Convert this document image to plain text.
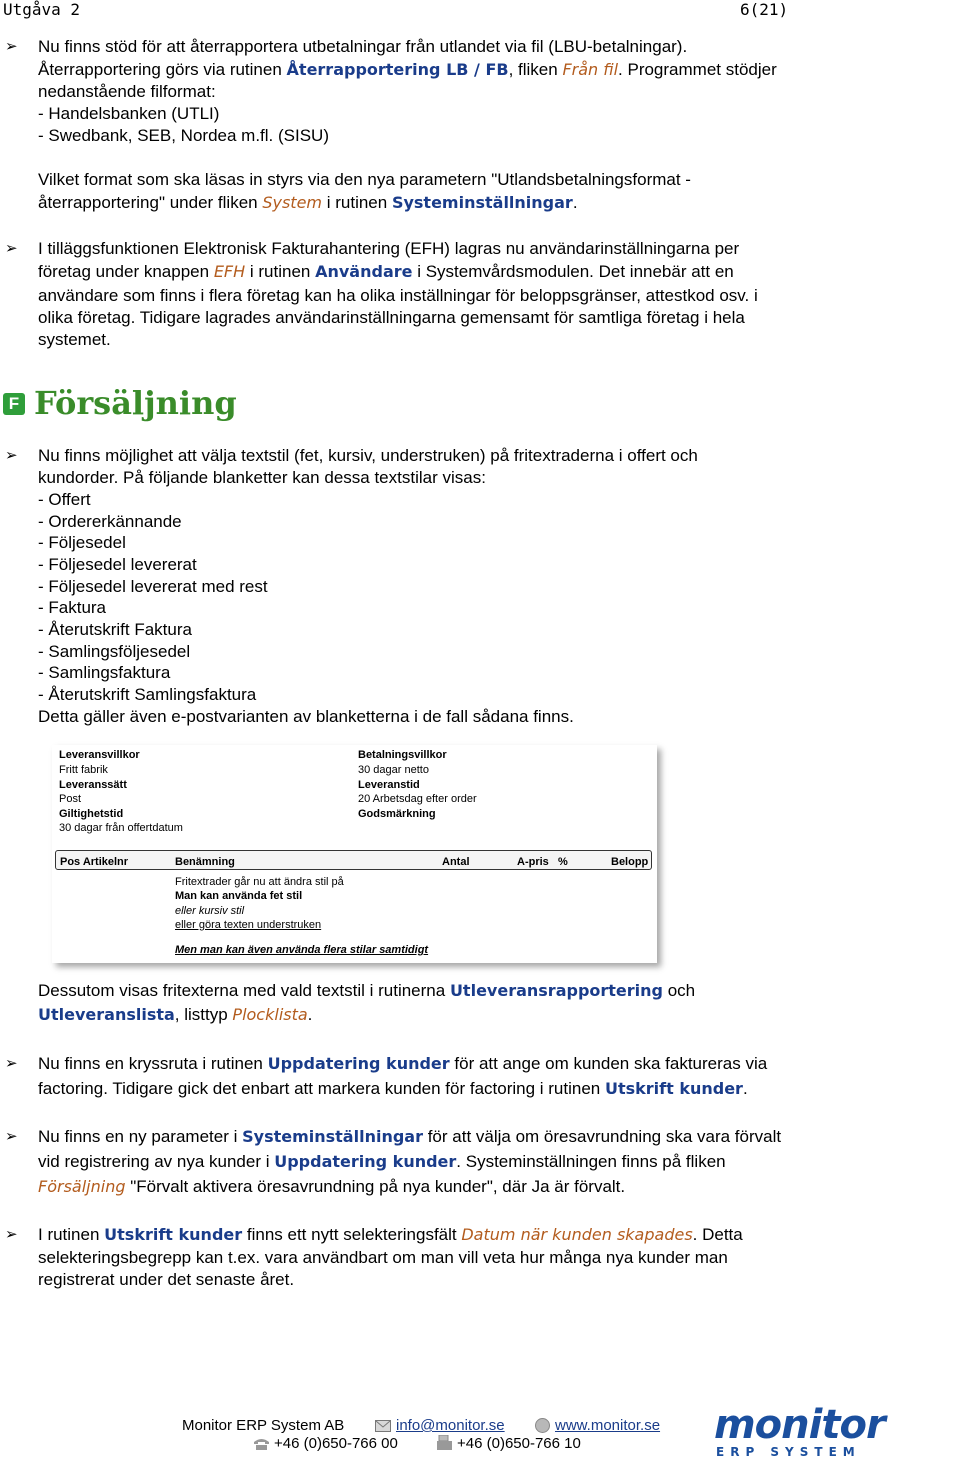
Utgåva 2	6(21)
➢ Nu finns stöd för att återrapportera utbetalningar från utlandet via fil (LBU-betalningar).
Återrapportering görs via rutinen Återrapportering LB / FB, fliken Från fil. Programmet stödjer
nedanstående filformat:
- Handelsbanken (UTLI)
- Swedbank, SEB, Nordea m.fl. (SISU)
Vilket format som ska läsas in styrs via den nya parametern "Utlandsbetalningsformat -
återrapportering" under fliken System i rutinen Systeminställningar.
➢ I tilläggsfunktionen Elektronisk Fakturahantering (EFH) lagras nu användarinställningarna per
företag under knappen EFH i rutinen Användare i Systemvårdsmodulen. Det innebär att en
användare som finns i flera företag kan ha olika inställningar för beloppsgränser, attestkod osv. i
olika företag. Tidigare lagrades användarinställningarna gemensamt för samtliga företag i hela
systemet.
F Försäljning
➢ Nu finns möjlighet att välja textstil (fet, kursiv, understruken) på fritextraderna i offert och
kundorder. På följande blanketter kan dessa textstilar visas:
- Offert
- Ordererkännande
- Följesedel
- Följesedel levererat
- Följesedel levererat med rest
- Faktura
- Återutskrift Faktura
- Samlingsföljesedel
- Samlingsfaktura
- Återutskrift Samlingsfaktura
Detta gäller även e-postvarianten av blanketterna i de fall sådana finns.
Leveransvillkor
Fritt fabrik
Leveranssätt
Post
Giltighetstid
30 dagar från offertdatum
Betalningsvillkor
30 dagar netto
Leveranstid
20 Arbetsdag efter order
Godsmärkning
Pos Artikelnr	Benämning	Antal	A-pris %	Belopp
Fritextrader går nu att ändra stil på
Man kan använda fet stil
eller kursiv stil
eller göra texten understruken
Men man kan även använda flera stilar samtidigt
Dessutom visas fritexterna med vald textstil i rutinerna Utleveransrapportering och
Utleveranslista, listtyp Plocklista.
➢ Nu finns en kryssruta i rutinen Uppdatering kunder för att ange om kunden ska faktureras via
factoring. Tidigare gick det enbart att markera kunden för factoring i rutinen Utskrift kunder.
➢ Nu finns en ny parameter i Systeminställningar för att välja om öresavrundning ska vara förvalt
vid registrering av nya kunder i Uppdatering kunder. Systeminställningen finns på fliken
Försäljning "Förvalt aktivera öresavrundning på nya kunder", där Ja är förvalt.
➢ I rutinen Utskrift kunder finns ett nytt selekteringsfält Datum när kunden skapades. Detta
selekteringsbegrepp kan t.ex. vara användbart om man vill veta hur många nya kunder man
registrerat under det senaste året.
Monitor ERP System AB	info@monitor.se	www.monitor.se
+46 (0)650-766 00	+46 (0)650-766 10	monitor
ERP SYSTEM
